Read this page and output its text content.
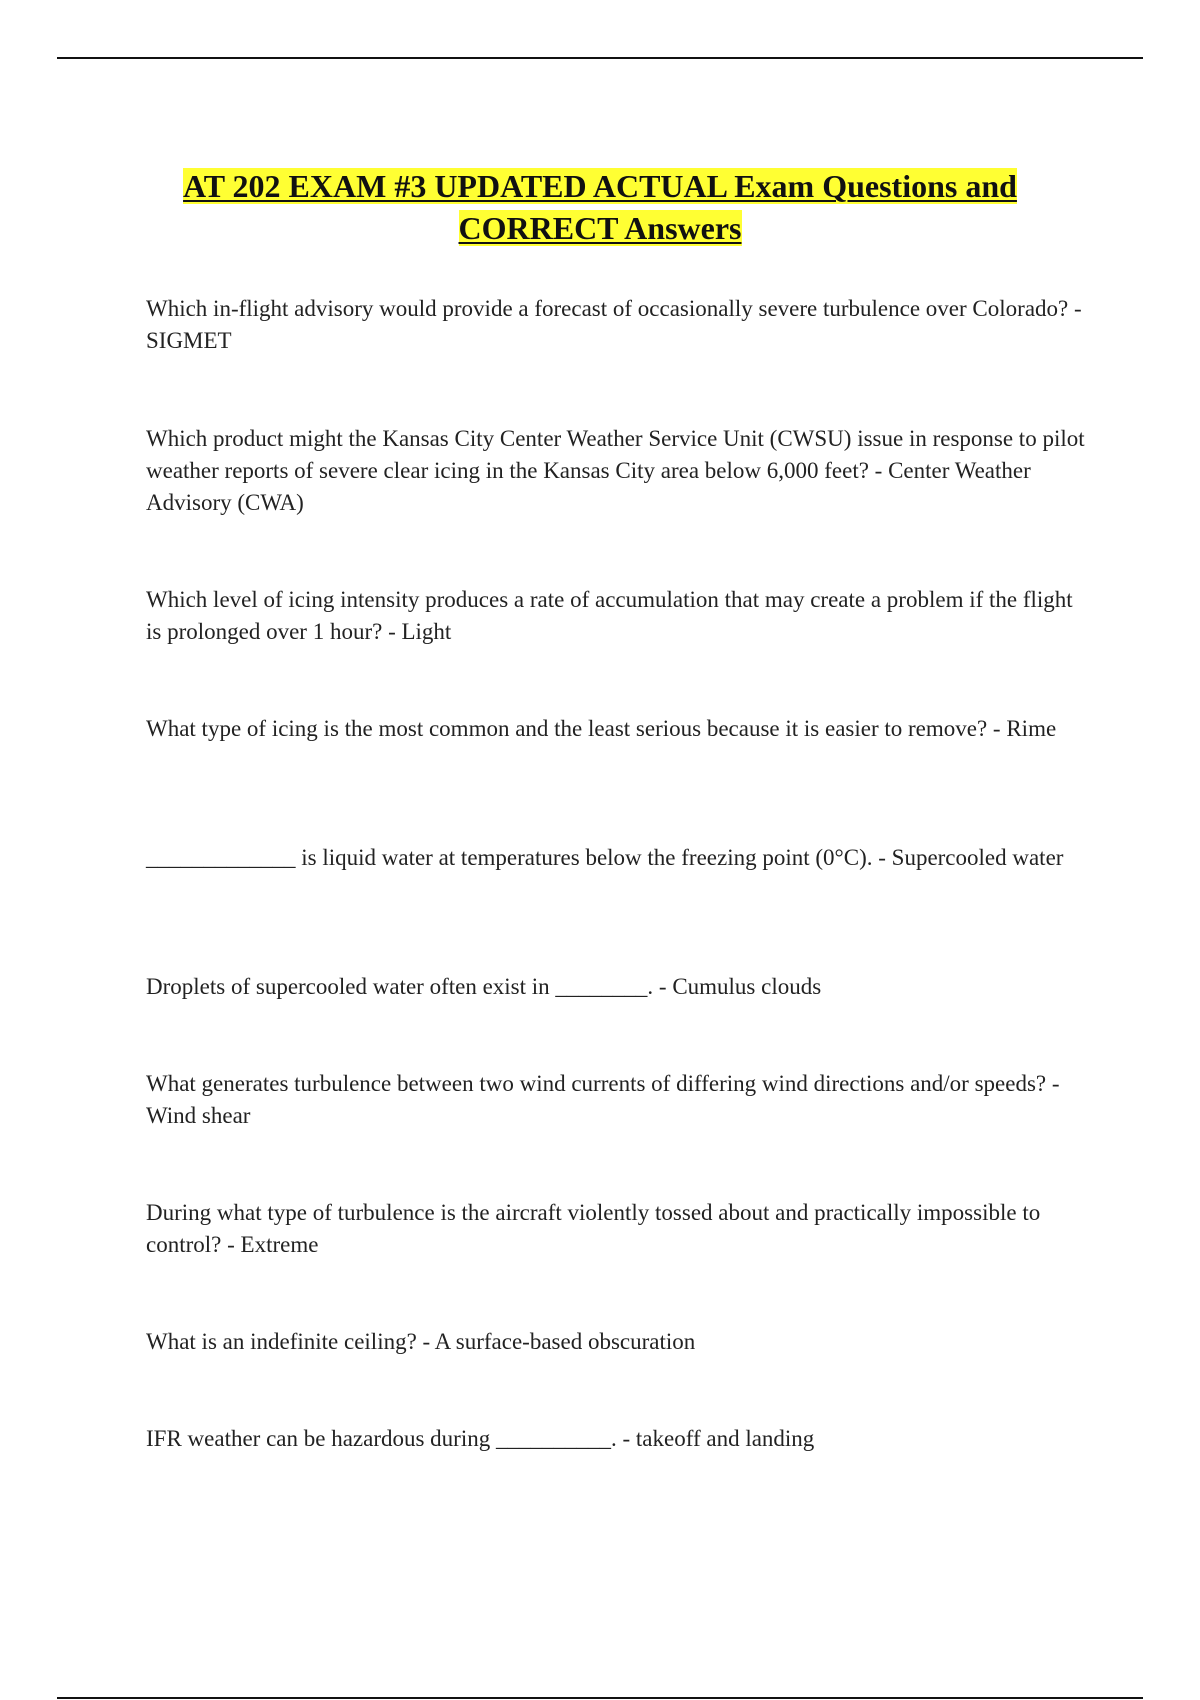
AT 202 EXAM #3 UPDATED ACTUAL Exam Questions and
CORRECT Answers

Which in-flight advisory would provide a forecast of occasionally severe turbulence over Colorado? - SIGMET

Which product might the Kansas City Center Weather Service Unit (CWSU) issue in response to pilot weather reports of severe clear icing in the Kansas City area below 6,000 feet? - Center Weather Advisory (CWA)

Which level of icing intensity produces a rate of accumulation that may create a problem if the flight is prolonged over 1 hour? - Light

What type of icing is the most common and the least serious because it is easier to remove? - Rime

_____________ is liquid water at temperatures below the freezing point (0°C). - Supercooled water

Droplets of supercooled water often exist in ________. - Cumulus clouds

What generates turbulence between two wind currents of differing wind directions and/or speeds? - Wind shear

During what type of turbulence is the aircraft violently tossed about and practically impossible to control? - Extreme

What is an indefinite ceiling? - A surface-based obscuration

IFR weather can be hazardous during __________. - takeoff and landing
